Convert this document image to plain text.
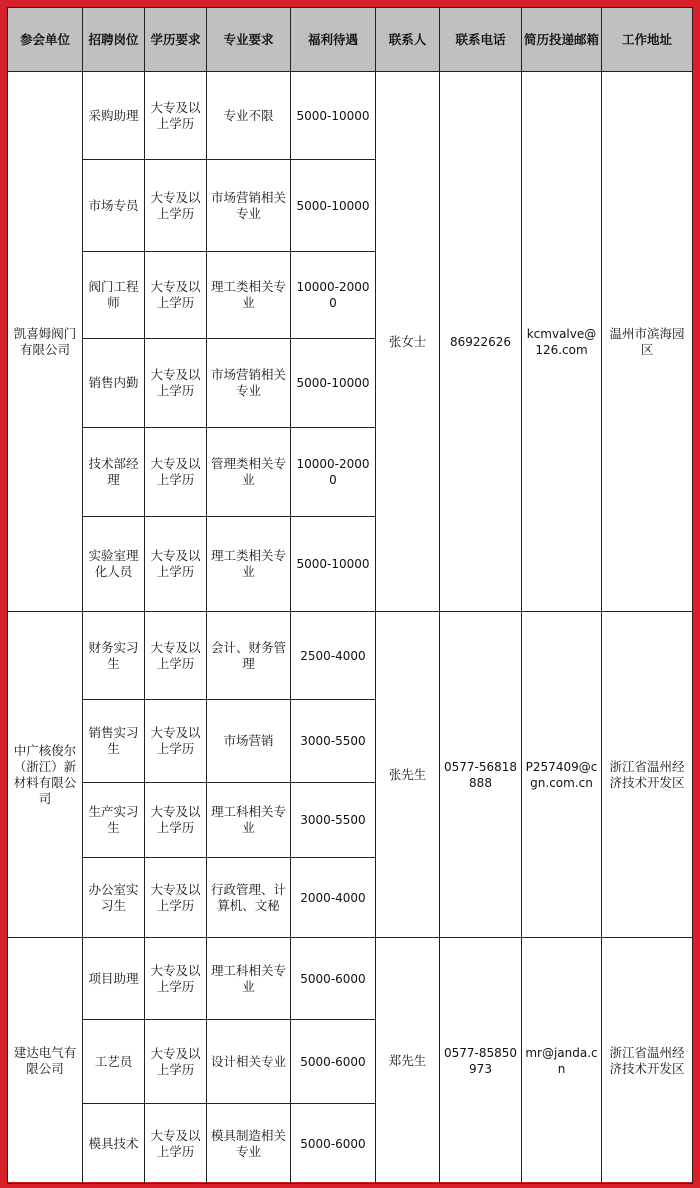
参会单位	招聘岗位	学历要求	专业要求	福利待遇	联系人	联系电话	简历投递邮箱	工作地址
凯喜姆阀门有限公司	采购助理	大专及以上学历	专业不限	5000-10000	张女士	86922626	kcmvalve@126.com	温州市滨海园区
	市场专员	大专及以上学历	市场营销相关专业	5000-10000				
	阀门工程师	大专及以上学历	理工类相关专业	10000-20000				
	销售内勤	大专及以上学历	市场营销相关专业	5000-10000				
	技术部经理	大专及以上学历	管理类相关专业	10000-20000				
	实验室理化人员	大专及以上学历	理工类相关专业	5000-10000				
中广核俊尔（浙江）新材料有限公司	财务实习生	大专及以上学历	会计、财务管理	2500-4000	张先生	0577-56818888	P257409@cgn.com.cn	浙江省温州经济技术开发区
	销售实习生	大专及以上学历	市场营销	3000-5500				
	生产实习生	大专及以上学历	理工科相关专业	3000-5500				
	办公室实习生	大专及以上学历	行政管理、计算机、文秘	2000-4000				
建达电气有限公司	项目助理	大专及以上学历	理工科相关专业	5000-6000	郑先生	0577-85850973	mr@janda.cn	浙江省温州经济技术开发区
	工艺员	大专及以上学历	设计相关专业	5000-6000				
	模具技术	大专及以上学历	模具制造相关专业	5000-6000				
